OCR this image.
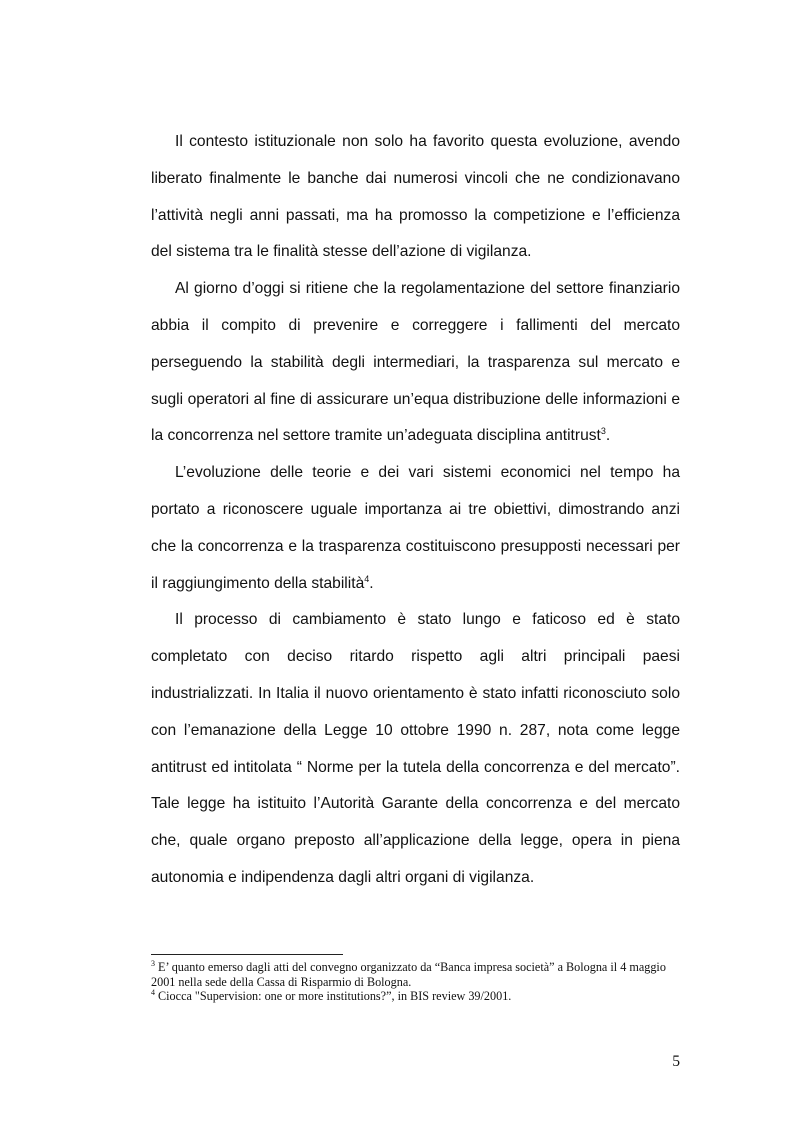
Il contesto istituzionale non solo ha favorito questa evoluzione, avendo liberato finalmente le banche dai numerosi vincoli che ne condizionavano l’attività negli anni passati, ma ha promosso la competizione e l’efficienza del sistema tra le finalità stesse dell’azione di vigilanza.

Al giorno d’oggi si ritiene che la regolamentazione del settore finanziario abbia il compito di prevenire e correggere i fallimenti del mercato perseguendo la stabilità degli intermediari, la trasparenza sul mercato e sugli operatori al fine di assicurare un’equa distribuzione delle informazioni e la concorrenza nel settore tramite un’adeguata disciplina antitrust$^3$.

L’evoluzione delle teorie e dei vari sistemi economici nel tempo ha portato a riconoscere uguale importanza ai tre obiettivi, dimostrando anzi che la concorrenza e la trasparenza costituiscono presupposti necessari per il raggiungimento della stabilità$^4$.

Il processo di cambiamento è stato lungo e faticoso ed è stato completato con deciso ritardo rispetto agli altri principali paesi industrializzati. In Italia il nuovo orientamento è stato infatti riconosciuto solo con l’emanazione della Legge 10 ottobre 1990 n. 287, nota come legge antitrust ed intitolata “ Norme per la tutela della concorrenza e del mercato”. Tale legge ha istituito l’Autorità Garante della concorrenza e del mercato che, quale organo preposto all’applicazione della legge, opera in piena autonomia e indipendenza dagli altri organi di vigilanza.

$^3$ E’ quanto emerso dagli atti del convegno organizzato da “Banca impresa società” a Bologna il 4 maggio 2001 nella sede della Cassa di Risparmio di Bologna.

$^4$ Ciocca "Supervision: one or more institutions?”, in BIS review 39/2001.

5
